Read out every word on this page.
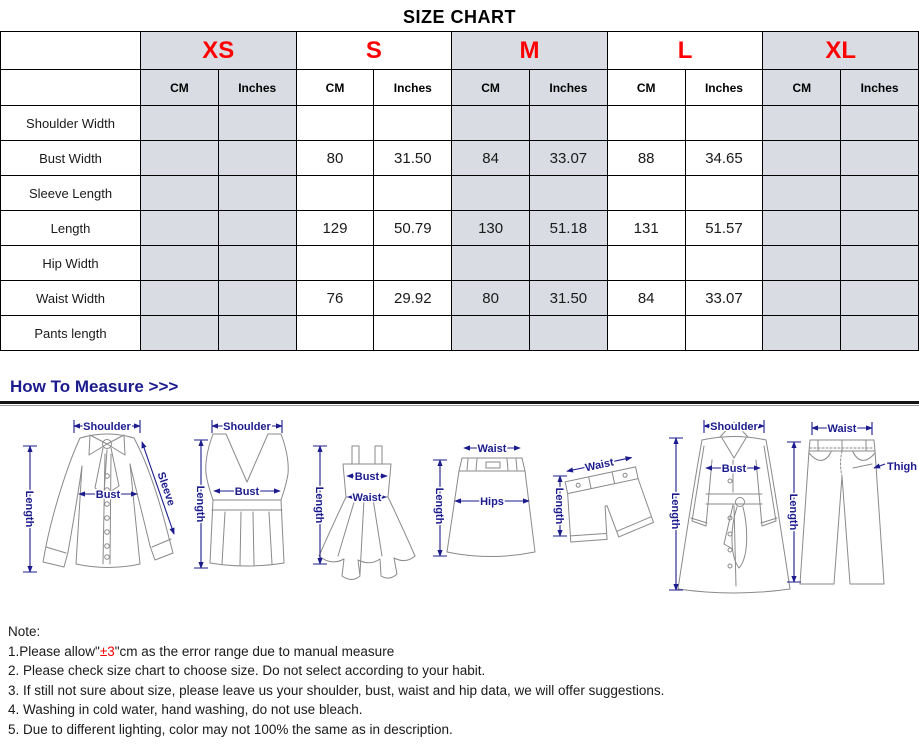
SIZE CHART
	XS		S		M		L		XL	
	CM	Inches	CM	Inches	CM	Inches	CM	Inches	CM	Inches
Shoulder Width										
Bust Width			80	31.50	84	33.07	88	34.65		
Sleeve Length										
Length			129	50.79	130	51.18	131	51.57		
Hip Width										
Waist Width			76	29.92	80	31.50	84	33.07		
Pants length										
How To Measure >>>
Shoulder
Bust
Length
Sleeve
Shoulder
Length	Bust	Length
Bust
Waist
Waist
Length	Hips
Waist
Length
Shoulder
Length
Bust
Waist
Length
Thigh
Note:
1.Please allow"±3"cm as the error range due to manual measure
2. Please check size chart to choose size. Do not select according to your habit.
3. If still not sure about size, please leave us your shoulder, bust, waist and hip data, we will offer suggestions.
4. Washing in cold water, hand washing, do not use bleach.
5. Due to different lighting, color may not 100% the same as in description.
